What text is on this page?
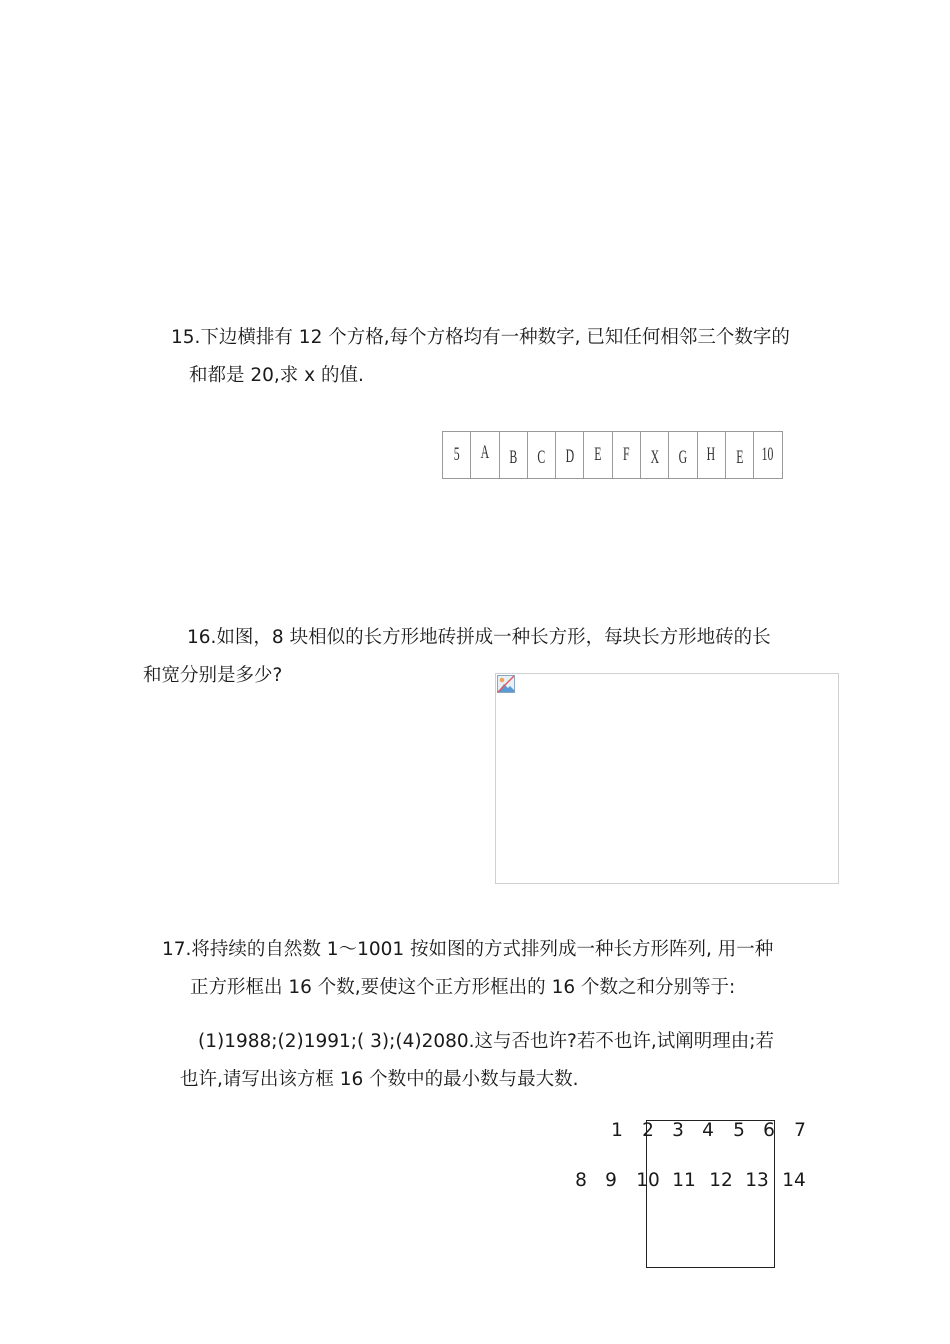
15.下边横排有 12 个方格,每个方格均有一种数字, 已知任何相邻三个数字的
和都是 20,求 x 的值.
5 A B C D E F X G H E 10
16.如图，8 块相似的长方形地砖拼成一种长方形，每块长方形地砖的长
和宽分别是多少?
17.将持续的自然数 1～1001 按如图的方式排列成一种长方形阵列, 用一种
正方形框出 16 个数,要使这个正方形框出的 16 个数之和分别等于:
(1)1988;(2)1991;( 3);(4)2080.这与否也许?若不也许,试阐明理由;若
也许,请写出该方框 16 个数中的最小数与最大数.
1	2 3 4	5 6	7
8 9	10 11 12 13 14
